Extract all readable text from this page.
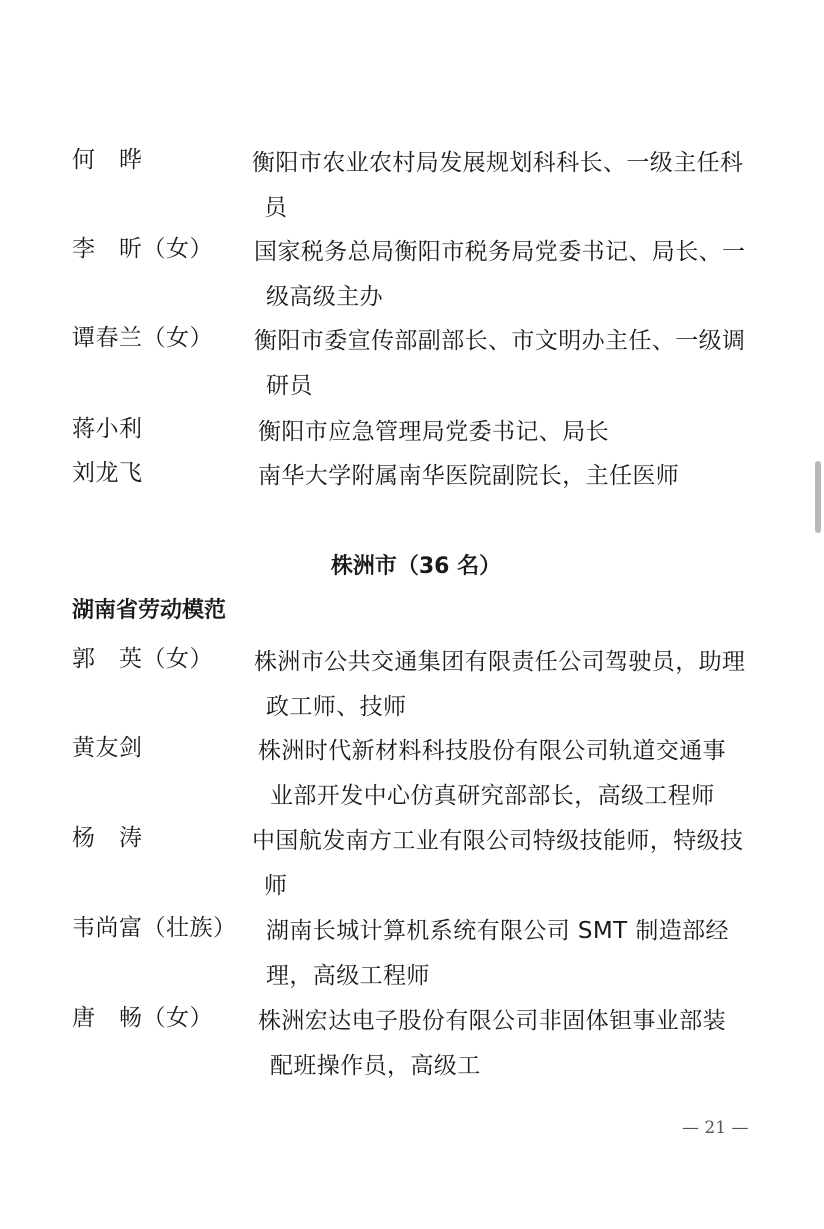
何　晔	衡阳市农业农村局发展规划科科长、一级主任科
员
李　昕（女） 国家税务总局衡阳市税务局党委书记、局长、一
级高级主办
谭春兰（女） 衡阳市委宣传部副部长、市文明办主任、一级调
研员
蒋小利	衡阳市应急管理局党委书记、局长
刘龙飞	南华大学附属南华医院副院长，主任医师
株洲市（36 名）
湖南省劳动模范
郭　英（女） 株洲市公共交通集团有限责任公司驾驶员，助理
政工师、技师
黄友剑	株洲时代新材料科技股份有限公司轨道交通事
业部开发中心仿真研究部部长，高级工程师
杨　涛	中国航发南方工业有限公司特级技能师，特级技
师
韦尚富（壮族） 湖南长城计算机系统有限公司 SMT 制造部经
理，高级工程师
唐　畅（女） 株洲宏达电子股份有限公司非固体钽事业部装
配班操作员，高级工
— 21 —
